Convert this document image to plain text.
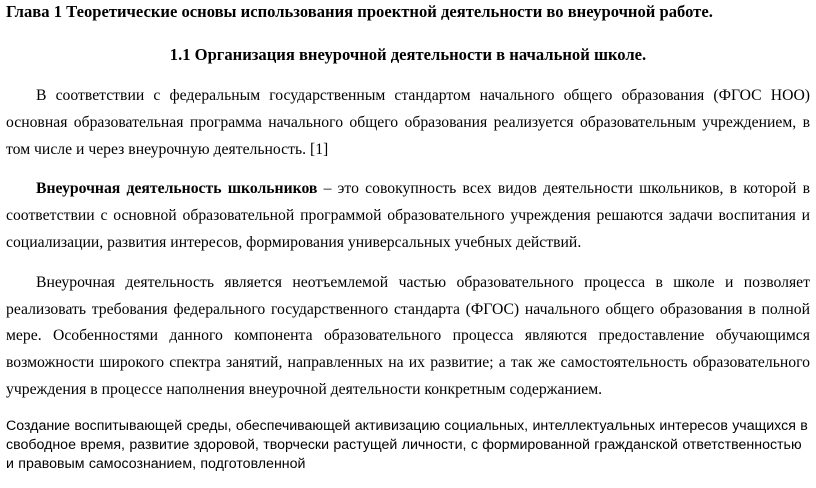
Глава 1 Теоретические основы использования проектной деятельности во внеурочной работе.
1.1 Организация внеурочной деятельности в начальной школе.

В соответствии с федеральным государственным стандартом начального общего образования (ФГОС НОО) основная образовательная программа начального общего образования реализуется образовательным учреждением, в том числе и через внеурочную деятельность. [1]

Внеурочная деятельность школьников – это совокупность всех видов деятельности школьников, в которой в соответствии с основной образовательной программой образовательного учреждения решаются задачи воспитания и социализации, развития интересов, формирования универсальных учебных действий.

Внеурочная деятельность является неотъемлемой частью образовательного процесса в школе и позволяет реализовать требования федерального государственного стандарта (ФГОС) начального общего образования в полной мере. Особенностями данного компонента образовательного процесса являются предоставление обучающимся возможности широкого спектра занятий, направленных на их развитие; а так же самостоятельность образовательного учреждения в процессе наполнения внеурочной деятельности конкретным содержанием.

Создание воспитывающей среды, обеспечивающей активизацию социальных, интеллектуальных интересов учащихся в свободное время, развитие здоровой, творчески растущей личности, с формированной гражданской ответственностью и правовым самосознанием, подготовленной
